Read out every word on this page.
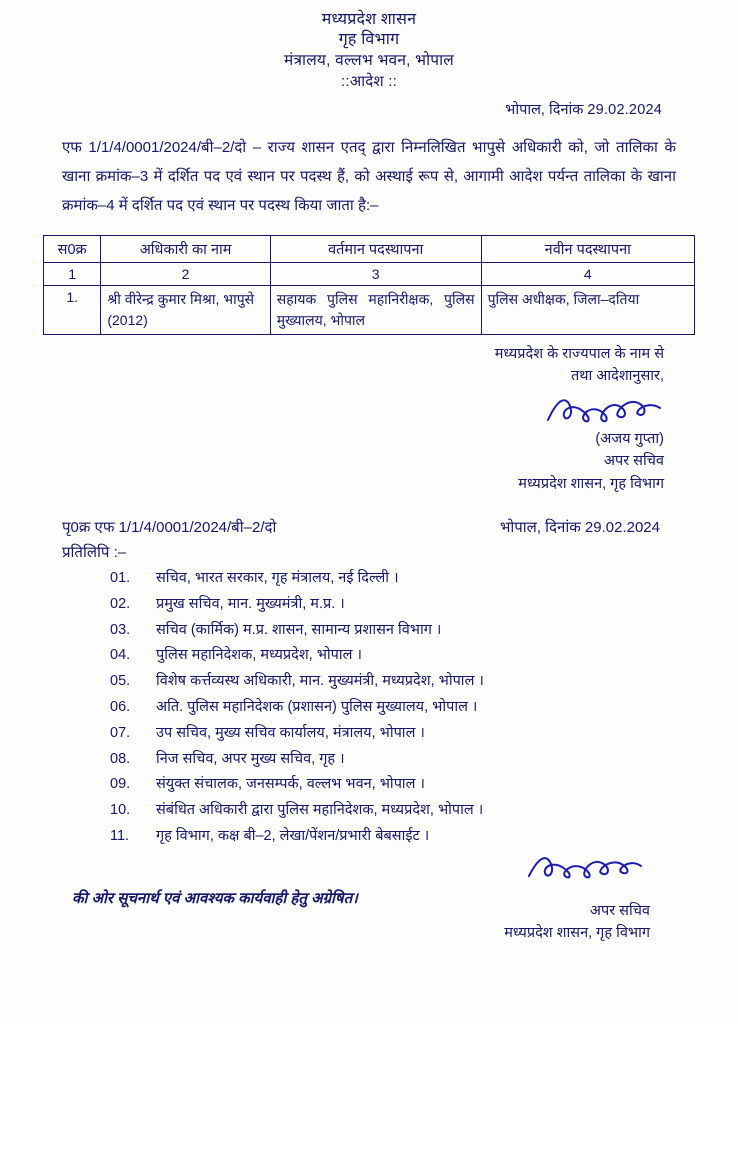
मध्यप्रदेश शासन
गृह विभाग
मंत्रालय, वल्लभ भवन, भोपाल
::आदेश ::
भोपाल, दिनांक 29.02.2024
एफ 1/1/4/0001/2024/बी–2/दो – राज्य शासन एतद् द्वारा निम्नलिखित भापुसे अधिकारी को, जो तालिका के खाना क्रमांक–3 में दर्शित पद एवं स्थान पर पदस्थ हैं, को अस्थाई रूप से, आगामी आदेश पर्यन्त तालिका के खाना क्रमांक–4 में दर्शित पद एवं स्थान पर पदस्थ किया जाता है:–
स0क्र	अधिकारी का नाम	वर्तमान पदस्थापना	नवीन पदस्थापना
1	2	3	4
1.	श्री वीरेन्द्र कुमार मिश्रा, भापुसे (2012)	सहायक पुलिस महानिरीक्षक, पुलिस मुख्यालय, भोपाल	पुलिस अधीक्षक, जिला–दतिया
मध्यप्रदेश के राज्यपाल के नाम से
तथा आदेशानुसार,
(अजय गुप्ता)
अपर सचिव
मध्यप्रदेश शासन, गृह विभाग
पृ0क्र एफ 1/1/4/0001/2024/बी–2/दो	भोपाल, दिनांक 29.02.2024
प्रतिलिपि :–
01.	सचिव, भारत सरकार, गृह मंत्रालय, नई दिल्ली ।
02.	प्रमुख सचिव, मान. मुख्यमंत्री, म.प्र. ।
03.	सचिव (कार्मिक) म.प्र. शासन, सामान्य प्रशासन विभाग ।
04.	पुलिस महानिदेशक, मध्यप्रदेश, भोपाल ।
05.	विशेष कर्त्तव्यस्थ अधिकारी, मान. मुख्यमंत्री, मध्यप्रदेश, भोपाल ।
06.	अति. पुलिस महानिदेशक (प्रशासन) पुलिस मुख्यालय, भोपाल ।
07.	उप सचिव, मुख्य सचिव कार्यालय, मंत्रालय, भोपाल ।
08.	निज सचिव, अपर मुख्य सचिव, गृह ।
09.	संयुक्त संचालक, जनसम्पर्क, वल्लभ भवन, भोपाल ।
10.	संबंधित अधिकारी द्वारा पुलिस महानिदेशक, मध्यप्रदेश, भोपाल ।
11.	गृह विभाग, कक्ष बी–2, लेखा/पेंशन/प्रभारी बेबसाईट ।
की ओर सूचनार्थ एवं आवश्यक कार्यवाही हेतु अग्रेषित।
अपर सचिव
मध्यप्रदेश शासन, गृह विभाग
